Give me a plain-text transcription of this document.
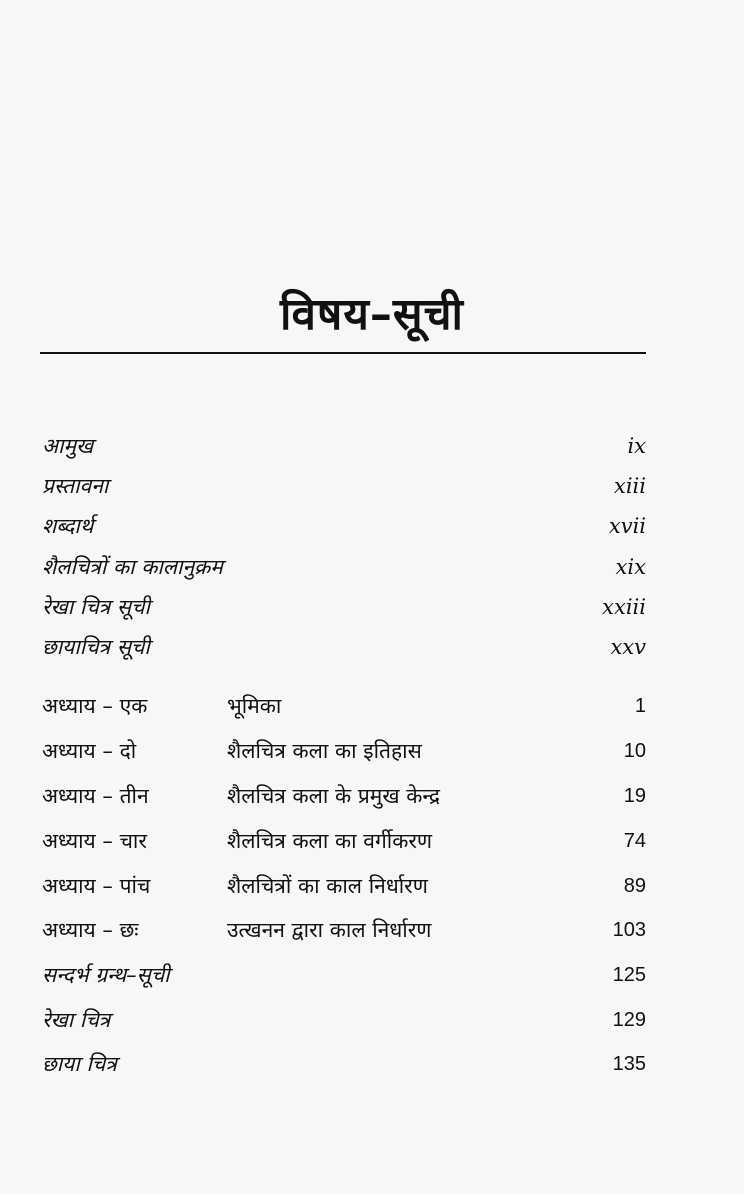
विषय–सूची
आमुख	ix
प्रस्तावना	xiii
शब्दार्थ	xvii
शैलचित्रों का कालानुक्रम	xix
रेखा चित्र सूची	xxiii
छायाचित्र सूची	xxv
अध्याय – एक	भूमिका	1
अध्याय – दो	शैलचित्र कला का इतिहास	10
अध्याय – तीन	शैलचित्र कला के प्रमुख केन्द्र	19
अध्याय – चार	शैलचित्र कला का वर्गीकरण	74
अध्याय – पांच	शैलचित्रों का काल निर्धारण	89
अध्याय – छः	उत्खनन द्वारा काल निर्धारण	103
सन्दर्भ ग्रन्थ–सूची	125
रेखा चित्र	129
छाया चित्र	135
